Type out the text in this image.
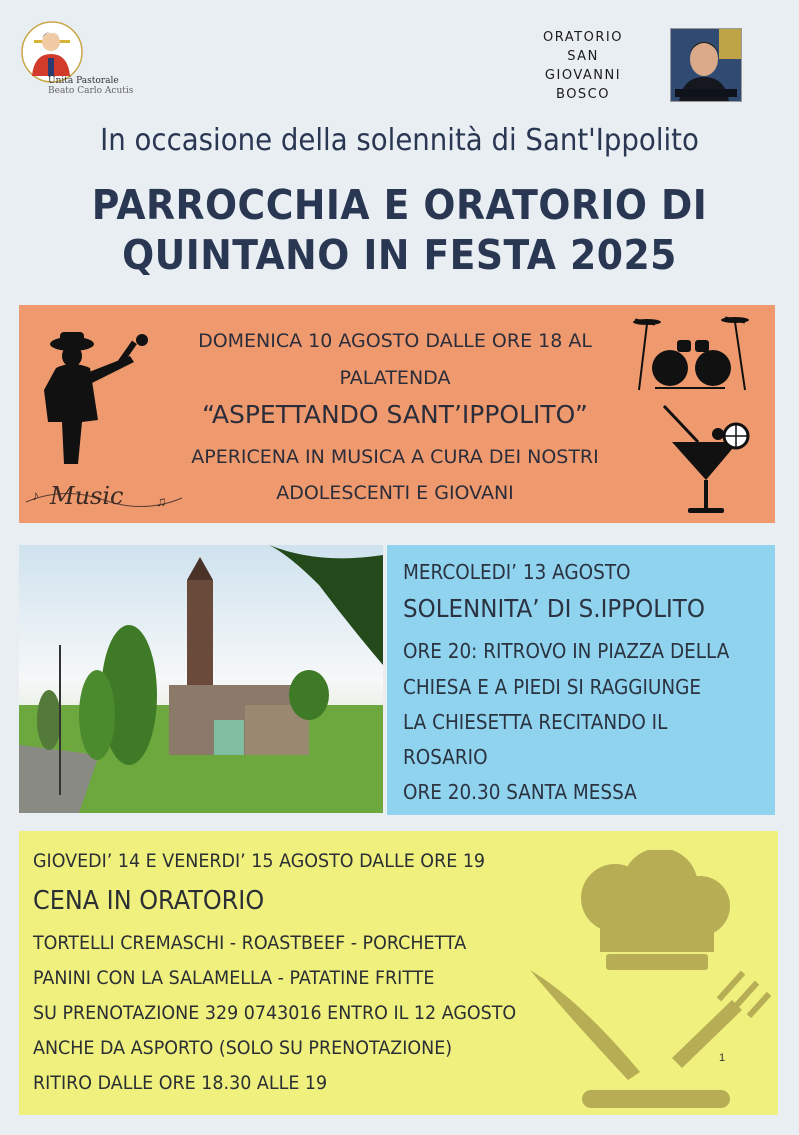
Unità Pastorale
Beato Carlo Acutis
ORATORIO
SAN
GIOVANNI
BOSCO
In occasione della solennità di Sant'Ippolito
PARROCCHIA E ORATORIO DI
QUINTANO IN FESTA 2025
DOMENICA 10 AGOSTO DALLE ORE 18 AL
PALATENDA
“ASPETTANDO SANT’IPPOLITO”
APERICENA IN MUSICA A CURA DEI NOSTRI
ADOLESCENTI E GIOVANI
♪	♫
Music
MERCOLEDI’ 13 AGOSTO
SOLENNITA’ DI S.IPPOLITO
ORE 20: RITROVO IN PIAZZA DELLA
CHIESA E A PIEDI SI RAGGIUNGE
LA CHIESETTA RECITANDO IL
ROSARIO
ORE 20.30 SANTA MESSA
GIOVEDI’ 14 E VENERDI’ 15 AGOSTO DALLE ORE 19
CENA IN ORATORIO
TORTELLI CREMASCHI - ROASTBEEF - PORCHETTA
PANINI CON LA SALAMELLA - PATATINE FRITTE
SU PRENOTAZIONE 329 0743016 ENTRO IL 12 AGOSTO
ANCHE DA ASPORTO (SOLO SU PRENOTAZIONE)
RITIRO DALLE ORE 18.30 ALLE 19
1
